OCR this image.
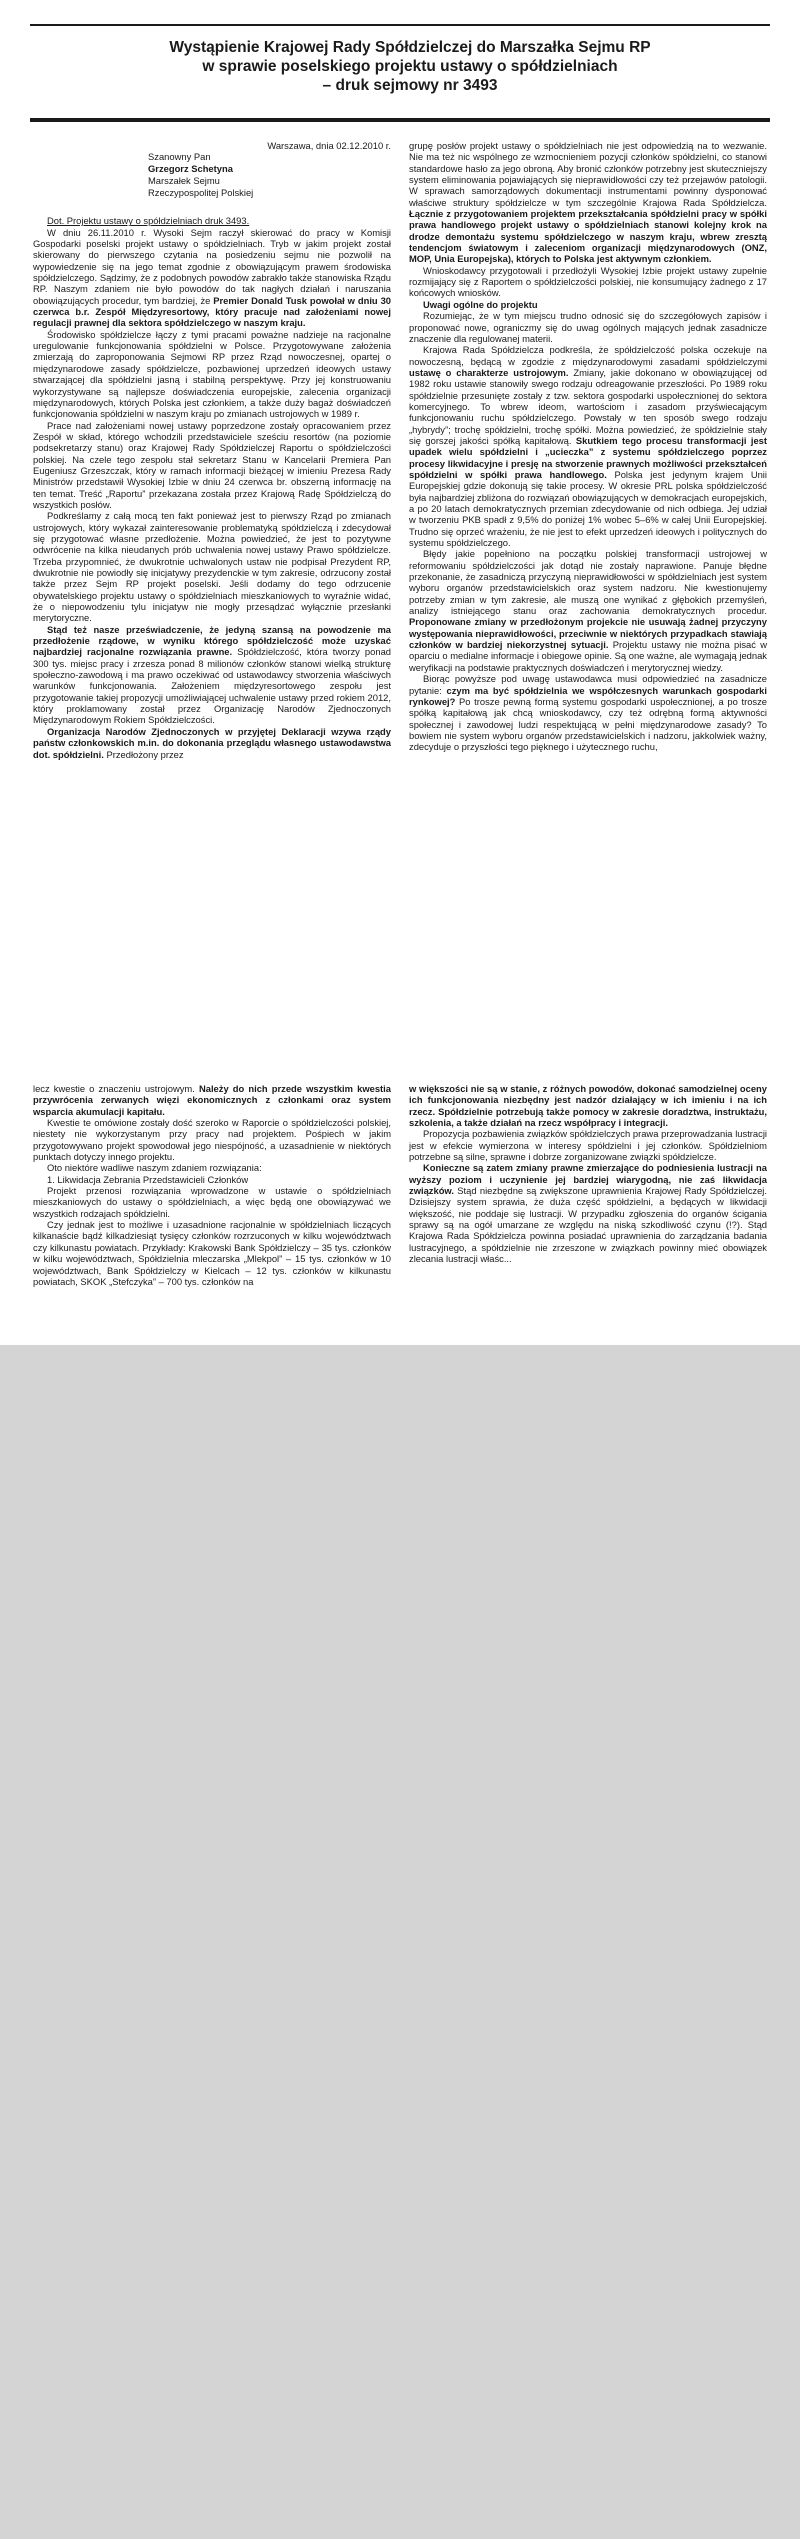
Wystąpienie Krajowej Rady Spółdzielczej do Marszałka Sejmu RP
w sprawie poselskiego projektu ustawy o spółdzielniach
– druk sejmowy nr 3493

Warszawa, dnia 02.12.2010 r.

Szanowny Pan
Grzegorz Schetyna
Marszałek Sejmu
Rzeczypospolitej Polskiej

Dot. Projektu ustawy o spółdzielniach druk 3493.

W dniu 26.11.2010 r. Wysoki Sejm raczył skierować do pracy w Komisji Gospodarki poselski projekt ustawy o spółdzielniach. Tryb w jakim projekt został skierowany do pierwszego czytania na posiedzeniu sejmu nie pozwolił na wypowiedzenie się na jego temat zgodnie z obowiązującym prawem środowiska spółdzielczego. Sądzimy, że z podobnych powodów zabrakło także stanowiska Rządu RP. Naszym zdaniem nie było powodów do tak nagłych działań i naruszania obowiązujących procedur, tym bardziej, że Premier Donald Tusk powołał w dniu 30 czerwca b.r. Zespół Międzyresortowy, który pracuje nad założeniami nowej regulacji prawnej dla sektora spółdzielczego w naszym kraju.

Środowisko spółdzielcze łączy z tymi pracami poważne nadzieje na racjonalne uregulowanie funkcjonowania spółdzielni w Polsce. Przygotowywane założenia zmierzają do zaproponowania Sejmowi RP przez Rząd nowoczesnej, opartej o międzynarodowe zasady spółdzielcze, pozbawionej uprzedzeń ideowych ustawy stwarzającej dla spółdzielni jasną i stabilną perspektywę. Przy jej konstruowaniu wykorzystywane są najlepsze doświadczenia europejskie, zalecenia organizacji międzynarodowych, których Polska jest członkiem, a także duży bagaż doświadczeń funkcjonowania spółdzielni w naszym kraju po zmianach ustrojowych w 1989 r.

Prace nad założeniami nowej ustawy poprzedzone zostały opracowaniem przez Zespół w skład, którego wchodzili przedstawiciele sześciu resortów (na poziomie podsekretarzy stanu) oraz Krajowej Rady Spółdzielczej Raportu o spółdzielczości polskiej. Na czele tego zespołu stał sekretarz Stanu w Kancelarii Premiera Pan Eugeniusz Grzeszczak, który w ramach informacji bieżącej w imieniu Prezesa Rady Ministrów przedstawił Wysokiej Izbie w dniu 24 czerwca br. obszerną informację na ten temat. Treść „Raportu” przekazana została przez Krajową Radę Spółdzielczą do wszystkich posłów.

Podkreślamy z całą mocą ten fakt ponieważ jest to pierwszy Rząd po zmianach ustrojowych, który wykazał zainteresowanie problematyką spółdzielczą i zdecydował się przygotować własne przedłożenie. Można powiedzieć, że jest to pozytywne odwrócenie na kilka nieudanych prób uchwalenia nowej ustawy Prawo spółdzielcze. Trzeba przypomnieć, że dwukrotnie uchwalonych ustaw nie podpisał Prezydent RP, dwukrotnie nie powiodły się inicjatywy prezydenckie w tym zakresie, odrzucony został także przez Sejm RP projekt poselski. Jeśli dodamy do tego odrzucenie obywatelskiego projektu ustawy o spółdzielniach mieszkaniowych to wyraźnie widać, że o niepowodzeniu tylu inicjatyw nie mogły przesądzać wyłącznie przesłanki merytoryczne.

Stąd też nasze przeświadczenie, że jedyną szansą na powodzenie ma przedłożenie rządowe, w wyniku którego spółdzielczość może uzyskać najbardziej racjonalne rozwiązania prawne. Spółdzielczość, która tworzy ponad 300 tys. miejsc pracy i zrzesza ponad 8 milionów członków stanowi wielką strukturę społeczno-zawodową i ma prawo oczekiwać od ustawodawcy stworzenia właściwych warunków funkcjonowania. Założeniem międzyresortowego zespołu jest przygotowanie takiej propozycji umożliwiającej uchwalenie ustawy przed rokiem 2012, który proklamowany został przez Organizację Narodów Zjednoczonych Międzynarodowym Rokiem Spółdzielczości.

Organizacja Narodów Zjednoczonych w przyjętej Deklaracji wzywa rządy państw członkowskich m.in. do dokonania przeglądu własnego ustawodawstwa dot. spółdzielni. Przedłożony przez

grupę posłów projekt ustawy o spółdzielniach nie jest odpowiedzią na to wezwanie. Nie ma też nic wspólnego ze wzmocnieniem pozycji członków spółdzielni, co stanowi standardowe hasło za jego obroną. Aby bronić członków potrzebny jest skuteczniejszy system eliminowania pojawiających się nieprawidłowości czy też przejawów patologii. W sprawach samorządowych dokumentacji instrumentami powinny dysponować właściwe struktury spółdzielcze w tym szczególnie Krajowa Rada Spółdzielcza. Łącznie z przygotowaniem projektem przekształcania spółdzielni pracy w spółki prawa handlowego projekt ustawy o spółdzielniach stanowi kolejny krok na drodze demontażu systemu spółdzielczego w naszym kraju, wbrew zresztą tendencjom światowym i zaleceniom organizacji międzynarodowych (ONZ, MOP, Unia Europejska), których to Polska jest aktywnym członkiem.

Wnioskodawcy przygotowali i przedłożyli Wysokiej Izbie projekt ustawy zupełnie rozmijający się z Raportem o spółdzielczości polskiej, nie konsumujący żadnego z 17 końcowych wniosków.

Uwagi ogólne do projektu

Rozumiejąc, że w tym miejscu trudno odnosić się do szczegółowych zapisów i proponować nowe, ograniczmy się do uwag ogólnych mających jednak zasadnicze znaczenie dla regulowanej materii.

Krajowa Rada Spółdzielcza podkreśla, że spółdzielczość polska oczekuje na nowoczesną, będącą w zgodzie z międzynarodowymi zasadami spółdzielczymi ustawę o charakterze ustrojowym. Zmiany, jakie dokonano w obowiązującej od 1982 roku ustawie stanowiły swego rodzaju odreagowanie przeszłości. Po 1989 roku spółdzielnie przesunięte zostały z tzw. sektora gospodarki uspołecznionej do sektora komercyjnego. To wbrew ideom, wartościom i zasadom przyświecającym funkcjonowaniu ruchu spółdzielczego. Powstały w ten sposób swego rodzaju „hybrydy”; trochę spółdzielni, trochę spółki. Można powiedzieć, że spółdzielnie stały się gorszej jakości spółką kapitałową. Skutkiem tego procesu transformacji jest upadek wielu spółdzielni i „ucieczka” z systemu spółdzielczego poprzez procesy likwidacyjne i presję na stworzenie prawnych możliwości przekształceń spółdzielni w spółki prawa handlowego. Polska jest jedynym krajem Unii Europejskiej gdzie dokonują się takie procesy. W okresie PRL polska spółdzielczość była najbardziej zbliżona do rozwiązań obowiązujących w demokracjach europejskich, a po 20 latach demokratycznych przemian zdecydowanie od nich odbiega. Jej udział w tworzeniu PKB spadł z 9,5% do poniżej 1% wobec 5–6% w całej Unii Europejskiej. Trudno się oprzeć wrażeniu, że nie jest to efekt uprzedzeń ideowych i politycznych do systemu spółdzielczego.

Błędy jakie popełniono na początku polskiej transformacji ustrojowej w reformowaniu spółdzielczości jak dotąd nie zostały naprawione. Panuje błędne przekonanie, że zasadniczą przyczyną nieprawidłowości w spółdzielniach jest system wyboru organów przedstawicielskich oraz system nadzoru. Nie kwestionujemy potrzeby zmian w tym zakresie, ale muszą one wynikać z głębokich przemyśleń, analizy istniejącego stanu oraz zachowania demokratycznych procedur. Proponowane zmiany w przedłożonym projekcie nie usuwają żadnej przyczyny występowania nieprawidłowości, przeciwnie w niektórych przypadkach stawiają członków w bardziej niekorzystnej sytuacji. Projektu ustawy nie można pisać w oparciu o medialne informacje i obiegowe opinie. Są one ważne, ale wymagają jednak weryfikacji na podstawie praktycznych doświadczeń i merytorycznej wiedzy.

Biorąc powyższe pod uwagę ustawodawca musi odpowiedzieć na zasadnicze pytanie: czym ma być spółdzielnia we współczesnych warunkach gospodarki rynkowej? Po trosze pewną formą systemu gospodarki uspołecznionej, a po trosze spółką kapitałową jak chcą wnioskodawcy, czy też odrębną formą aktywności społecznej i zawodowej ludzi respektującą w pełni międzynarodowe zasady? To bowiem nie system wyboru organów przedstawicielskich i nadzoru, jakkolwiek ważny, zdecyduje o przyszłości tego pięknego i użytecznego ruchu,

lecz kwestie o znaczeniu ustrojowym. Należy do nich przede wszystkim kwestia przywrócenia zerwanych więzi ekonomicznych z członkami oraz system wsparcia akumulacji kapitału.

Kwestie te omówione zostały dość szeroko w Raporcie o spółdzielczości polskiej, niestety nie wykorzystanym przy pracy nad projektem. Pośpiech w jakim przygotowywano projekt spowodował jego niespójność, a uzasadnienie w niektórych punktach dotyczy innego projektu.

Oto niektóre wadliwe naszym zdaniem rozwiązania:

1. Likwidacja Zebrania Przedstawicieli Członków

Projekt przenosi rozwiązania wprowadzone w ustawie o spółdzielniach mieszkaniowych do ustawy o spółdzielniach, a więc będą one obowiązywać we wszystkich rodzajach spółdzielni.

Czy jednak jest to możliwe i uzasadnione racjonalnie w spółdzielniach liczących kilkanaście bądź kilkadziesiąt tysięcy członków rozrzuconych w kilku województwach czy kilkunastu powiatach. Przykłady: Krakowski Bank Spółdzielczy – 35 tys. członków w kilku województwach, Spółdzielnia mleczarska „Mlekpol” – 15 tys. członków w 10 województwach, Bank Spółdzielczy w Kielcach – 12 tys. członków w kilkunastu powiatach, SKOK „Stefczyka” – 700 tys. członków na

w większości nie są w stanie, z różnych powodów, dokonać samodzielnej oceny ich funkcjonowania niezbędny jest nadzór działający w ich imieniu i na ich rzecz. Spółdzielnie potrzebują także pomocy w zakresie doradztwa, instruktażu, szkolenia, a także działań na rzecz współpracy i integracji.

Propozycja pozbawienia związków spółdzielczych prawa przeprowadzania lustracji jest w efekcie wymierzona w interesy spółdzielni i jej członków. Spółdzielniom potrzebne są silne, sprawne i dobrze zorganizowane związki spółdzielcze.

Konieczne są zatem zmiany prawne zmierzające do podniesienia lustracji na wyższy poziom i uczynienie jej bardziej wiarygodną, nie zaś likwidacja związków. Stąd niezbędne są zwiększone uprawnienia Krajowej Rady Spółdzielczej. Dzisiejszy system sprawia, że duża część spółdzielni, a będących w likwidacji większość, nie poddaje się lustracji. W przypadku zgłoszenia do organów ścigania sprawy są na ogół umarzane ze względu na niską szkodliwość czynu (!?). Stąd Krajowa Rada Spółdzielcza powinna posiadać uprawnienia do zarządzania badania lustracyjnego, a spółdzielnie nie zrzeszone w związkach powinny mieć obowiązek zlecania lustracji właśc...
